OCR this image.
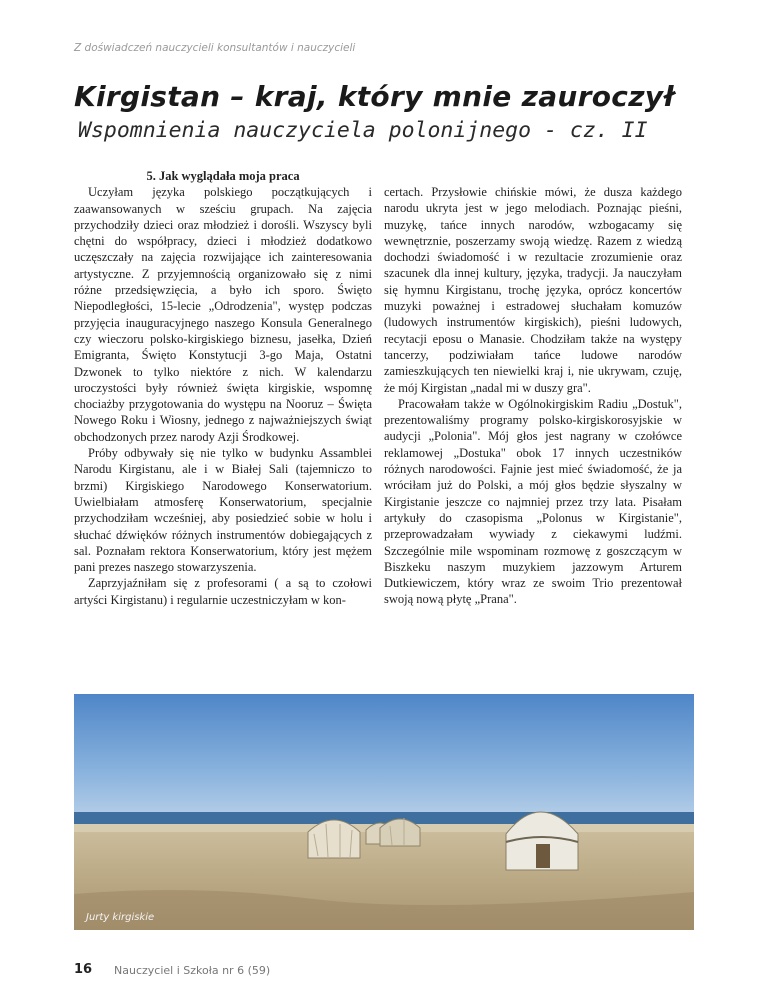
Z doświadczeń nauczycieli konsultantów i nauczycieli
Kirgistan – kraj, który mnie zauroczył
Wspomnienia nauczyciela polonijnego - cz. II

5. Jak wyglądała moja praca

Uczyłam języka polskiego początkujących i zaawansowanych w sześciu grupach. Na zajęcia przychodziły dzieci oraz młodzież i dorośli. Wszyscy byli chętni do współpracy, dzieci i młodzież dodatkowo uczęszczały na zajęcia rozwijające ich zainteresowania artystyczne. Z przyjemnością organizowało się z nimi różne przedsięwzięcia, a było ich sporo. Święto Niepodległości, 15-lecie „Odrodzenia", występ podczas przyjęcia inauguracyjnego naszego Konsula Generalnego czy wieczoru polsko-kirgiskiego biznesu, jasełka, Dzień Emigranta, Święto Konstytucji 3-go Maja, Ostatni Dzwonek to tylko niektóre z nich. W kalendarzu uroczystości były również święta kirgiskie, wspomnę chociażby przygotowania do występu na Nooruz – Święta Nowego Roku i Wiosny, jednego z najważniejszych świąt obchodzonych przez narody Azji Środkowej.

Próby odbywały się nie tylko w budynku Assamblei Narodu Kirgistanu, ale i w Białej Sali (tajemniczo to brzmi) Kirgiskiego Narodowego Konserwatorium. Uwielbiałam atmosferę Konserwatorium, specjalnie przychodziłam wcześniej, aby posiedzieć sobie w holu i słuchać dźwięków różnych instrumentów dobiegających z sal. Poznałam rektora Konserwatorium, który jest mężem pani prezes naszego stowarzyszenia.

Zaprzyjaźniłam się z profesorami ( a są to czołowi artyści Kirgistanu) i regularnie uczestniczyłam w kon-

certach. Przysłowie chińskie mówi, że dusza każdego narodu ukryta jest w jego melodiach. Poznając pieśni, muzykę, tańce innych narodów, wzbogacamy się wewnętrznie, poszerzamy swoją wiedzę. Razem z wiedzą dochodzi świadomość i w rezultacie zrozumienie oraz szacunek dla innej kultury, języka, tradycji. Ja nauczyłam się hymnu Kirgistanu, trochę języka, oprócz koncertów muzyki poważnej i estradowej słuchałam komuzów (ludowych instrumentów kirgiskich), pieśni ludowych, recytacji eposu o Manasie. Chodziłam także na występy tancerzy, podziwiałam tańce ludowe narodów zamieszkujących ten niewielki kraj i, nie ukrywam, czuję, że mój Kirgistan „nadal mi w duszy gra".

Pracowałam także w Ogólnokirgiskim Radiu „Dostuk", prezentowaliśmy programy polsko-kirgiskorosyjskie w audycji „Polonia". Mój głos jest nagrany w czołówce reklamowej „Dostuka" obok 17 innych uczestników różnych narodowości. Fajnie jest mieć świadomość, że ja wróciłam już do Polski, a mój głos będzie słyszalny w Kirgistanie jeszcze co najmniej przez trzy lata. Pisałam artykuły do czasopisma „Polonus w Kirgistanie", przeprowadzałam wywiady z ciekawymi ludźmi. Szczególnie mile wspominam rozmowę z goszczącym w Biszkeku naszym muzykiem jazzowym Arturem Dutkiewiczem, który wraz ze swoim Trio prezentował swoją nową płytę „Prana".

Jurty kirgiskie
16 Nauczyciel i Szkoła nr 6 (59)
